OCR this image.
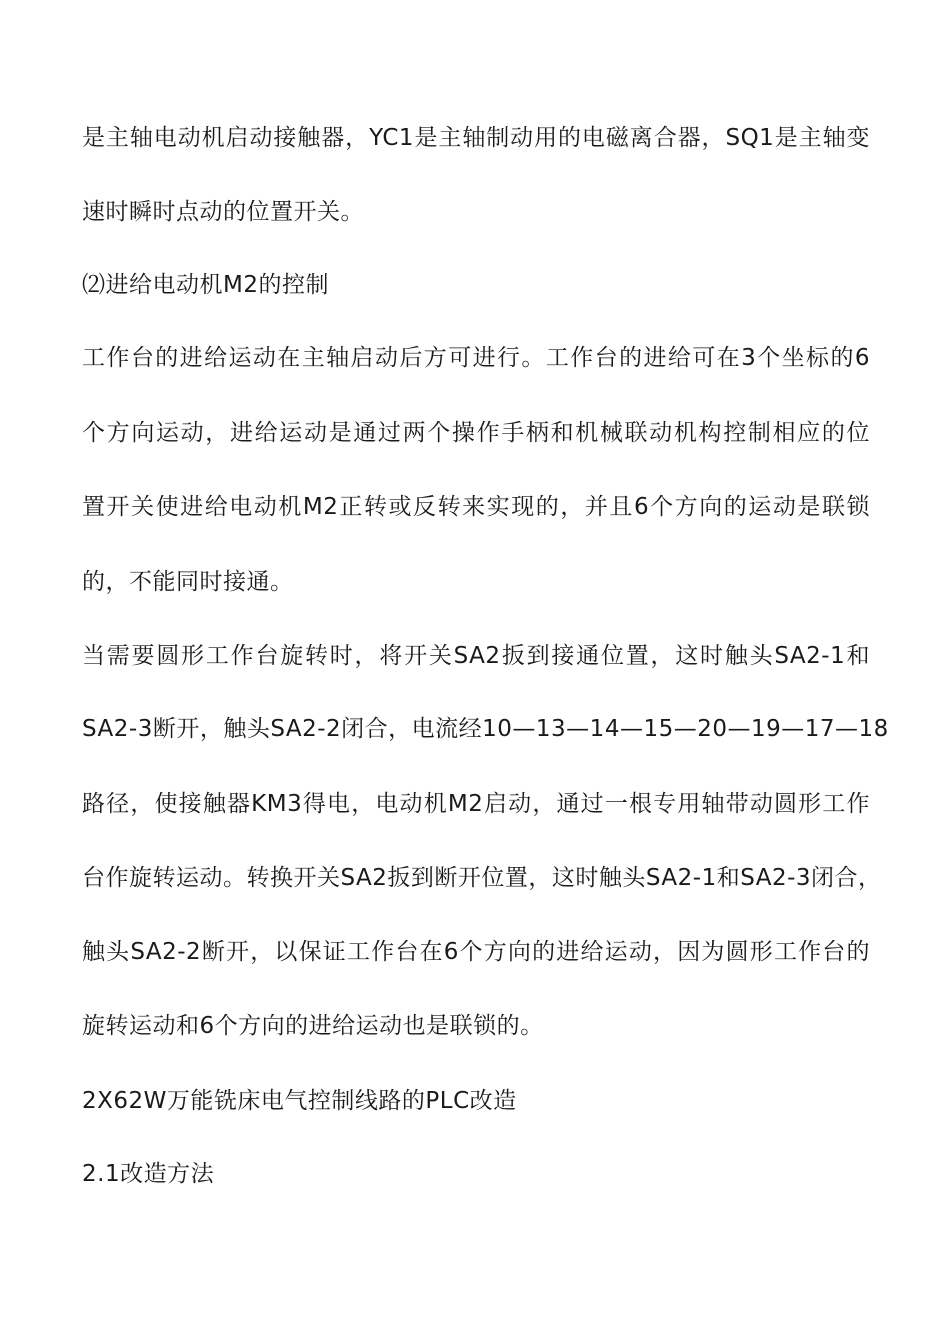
是主轴电动机启动接触器，YC1是主轴制动用的电磁离合器，SQ1是主轴变

速时瞬时点动的位置开关。

⑵进给电动机M2的控制

工作台的进给运动在主轴启动后方可进行。工作台的进给可在3个坐标的6

个方向运动，进给运动是通过两个操作手柄和机械联动机构控制相应的位

置开关使进给电动机M2正转或反转来实现的，并且6个方向的运动是联锁

的，不能同时接通。

当需要圆形工作台旋转时，将开关SA2扳到接通位置，这时触头SA2-1和

SA2-3断开，触头SA2-2闭合，电流经10—13—14—15—20—19—17—18

路径，使接触器KM3得电，电动机M2启动，通过一根专用轴带动圆形工作

台作旋转运动。转换开关SA2扳到断开位置，这时触头SA2-1和SA2-3闭合，

触头SA2-2断开，以保证工作台在6个方向的进给运动，因为圆形工作台的

旋转运动和6个方向的进给运动也是联锁的。

2X62W万能铣床电气控制线路的PLC改造

2.1改造方法
